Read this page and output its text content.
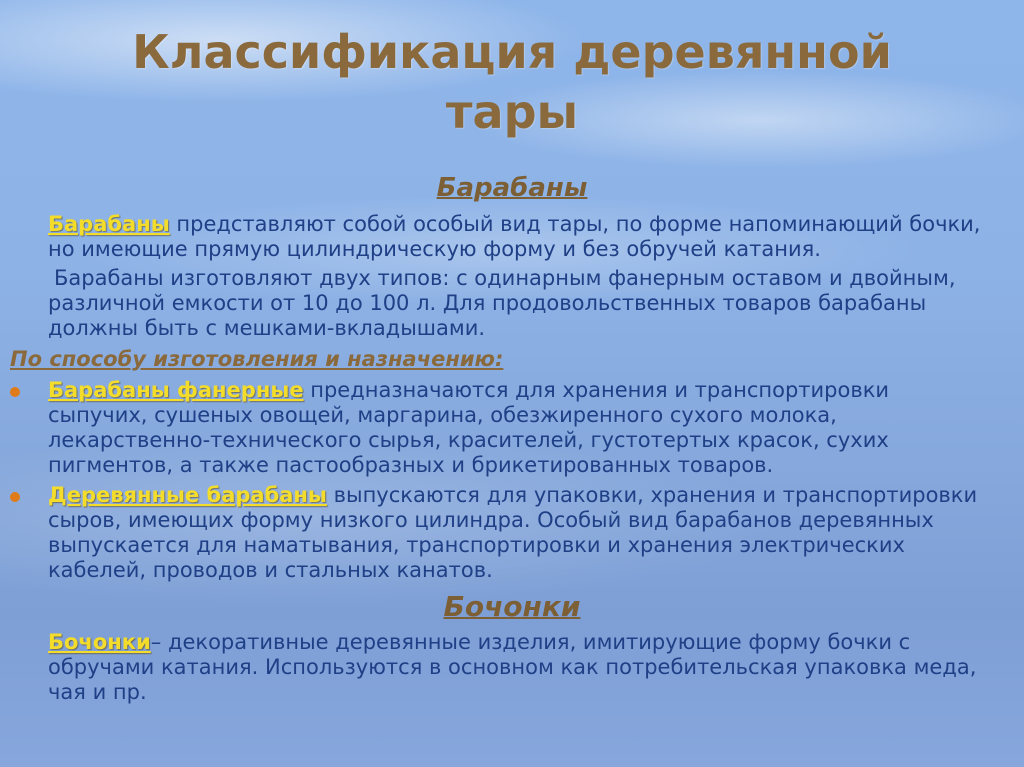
Классификация деревянной тары
Барабаны
Барабаны представляют собой особый вид тары, по форме напоминающий бочки, но имеющие прямую цилиндрическую форму и без обручей катания.
Барабаны изготовляют двух типов: с одинарным фанерным оставом и двойным, различной емкости от 10 до 100 л. Для продовольственных товаров барабаны должны быть с мешками-вкладышами.
По способу изготовления и назначению:
Барабаны фанерные предназначаются для хранения и транспортировки сыпучих, сушеных овощей, маргарина, обезжиренного сухого молока, лекарственно-технического сырья, красителей, густотертых красок, сухих пигментов, а также пастообразных и брикетированных товаров.
Деревянные барабаны выпускаются для упаковки, хранения и транспортировки сыров, имеющих форму низкого цилиндра. Особый вид барабанов деревянных выпускается для наматывания, транспортировки и хранения электрических кабелей, проводов и стальных канатов.
Бочонки
Бочонки– декоративные деревянные изделия, имитирующие форму бочки с обручами катания. Используются в основном как потребительская упаковка меда, чая и пр.
